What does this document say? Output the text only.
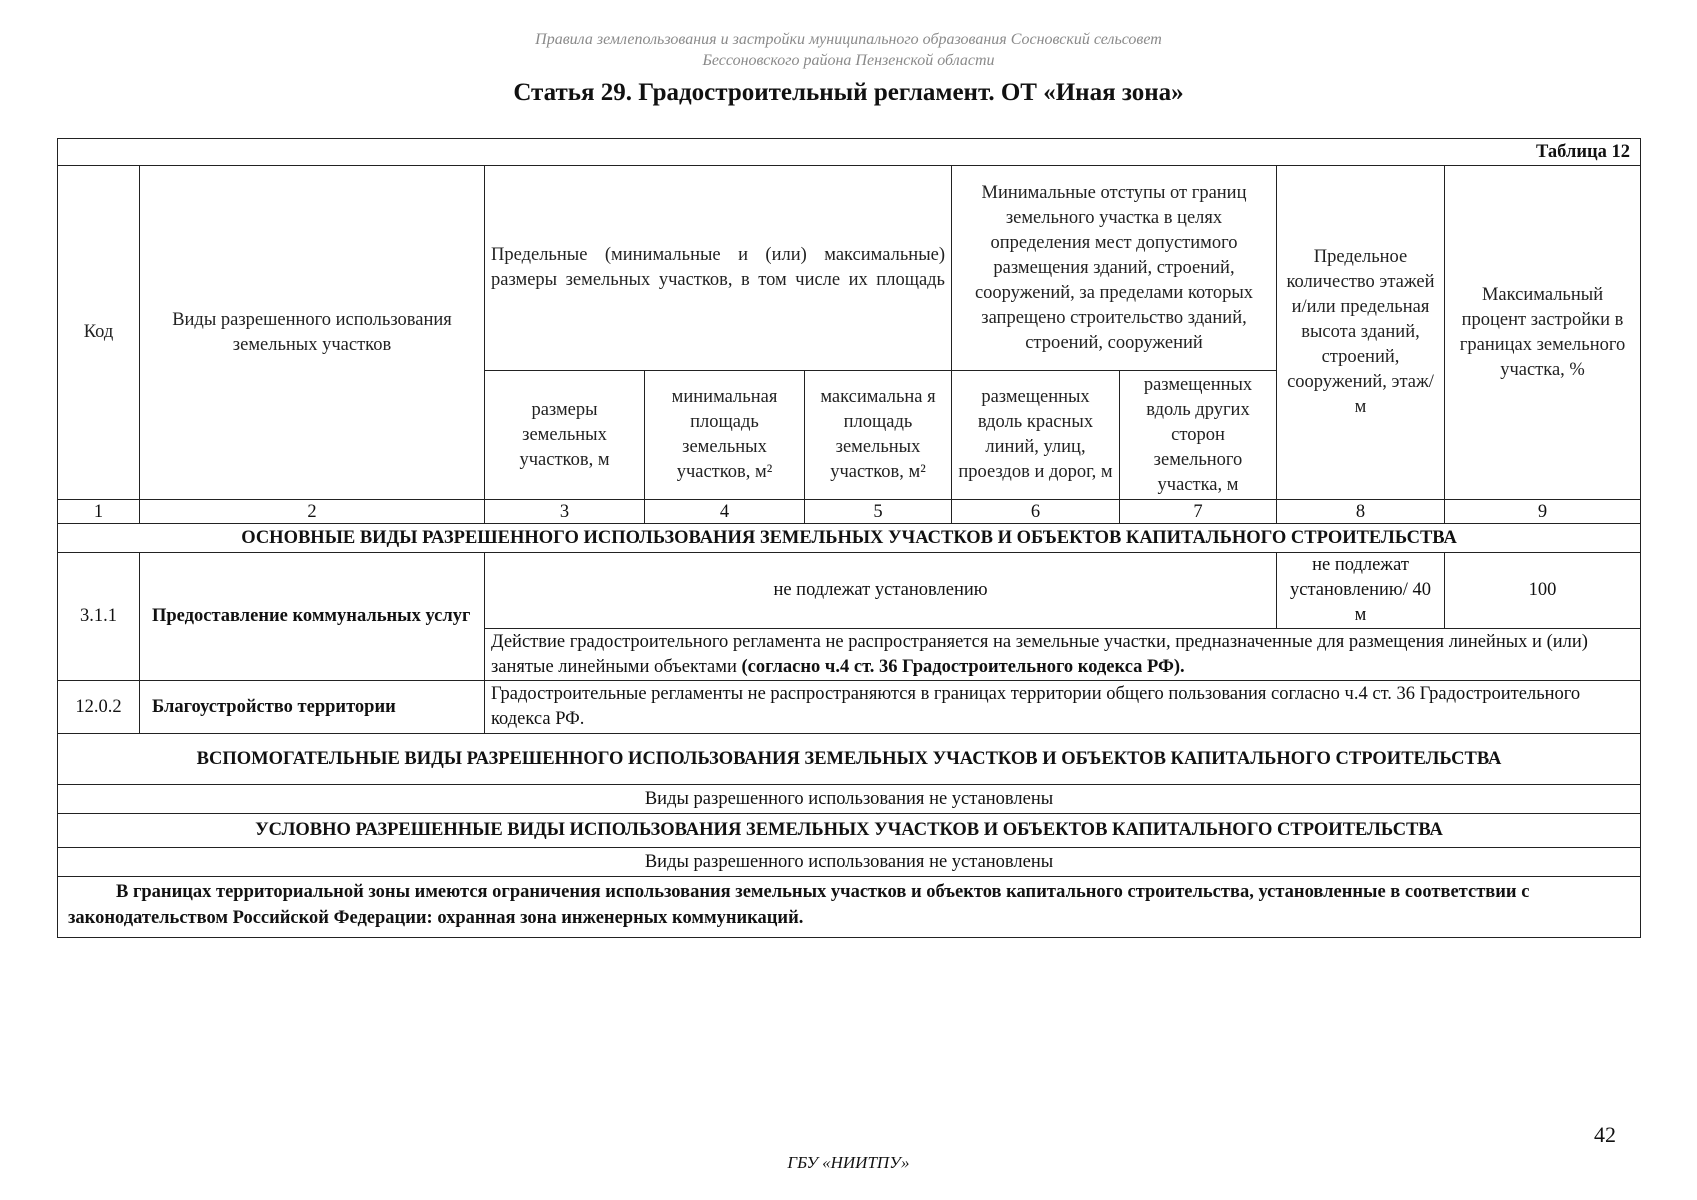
Правила землепользования и застройки муниципального образования Сосновский сельсовет
Бессоновского района Пензенской области
Статья 29. Градостроительный регламент. ОТ «Иная зона»
Таблица 12								
Код	Виды разрешенного использования земельных участков	Предельные (минимальные и (или) максимальные) размеры земельных участков, в том числе их площадь			Минимальные отступы от границ земельного участка в целях определения мест допустимого размещения зданий, строений, сооружений, за пределами которых запрещено строительство зданий, строений, сооружений		Предельное количество этажей и/или предельная высота зданий, строений, сооружений, этаж/м	Максимальный процент застройки в границах земельного участка, %
		размеры земельных участков, м	минимальная площадь земельных участков, м²	максимальна я площадь земельных участков, м²	размещенных вдоль красных линий, улиц, проездов и дорог, м	размещенных вдоль других сторон земельного участка, м		
1	2	3	4	5	6	7	8	9
ОСНОВНЫЕ ВИДЫ РАЗРЕШЕННОГО ИСПОЛЬЗОВАНИЯ ЗЕМЕЛЬНЫХ УЧАСТКОВ И ОБЪЕКТОВ КАПИТАЛЬНОГО СТРОИТЕЛЬСТВА								
3.1.1	Предоставление коммунальных услуг	не подлежат установлению					не подлежат установлению/ 40 м	100
		Действие градостроительного регламента не распространяется на земельные участки, предназначенные для размещения линейных и (или) занятые линейными объектами (согласно ч.4 ст. 36 Градостроительного кодекса РФ).						
12.0.2	Благоустройство территории	Градостроительные регламенты не распространяются в границах территории общего пользования согласно ч.4 ст. 36 Градостроительного кодекса РФ.						
ВСПОМОГАТЕЛЬНЫЕ ВИДЫ РАЗРЕШЕННОГО ИСПОЛЬЗОВАНИЯ ЗЕМЕЛЬНЫХ УЧАСТКОВ И ОБЪЕКТОВ КАПИТАЛЬНОГО СТРОИТЕЛЬСТВА								
Виды разрешенного использования не установлены								
УСЛОВНО РАЗРЕШЕННЫЕ ВИДЫ ИСПОЛЬЗОВАНИЯ ЗЕМЕЛЬНЫХ УЧАСТКОВ И ОБЪЕКТОВ КАПИТАЛЬНОГО СТРОИТЕЛЬСТВА								
Виды разрешенного использования не установлены								
В границах территориальной зоны имеются ограничения использования земельных участков и объектов капитального строительства, установленные в соответствии с законодательством Российской Федерации: охранная зона инженерных коммуникаций.								
42
ГБУ «НИИТПУ»
